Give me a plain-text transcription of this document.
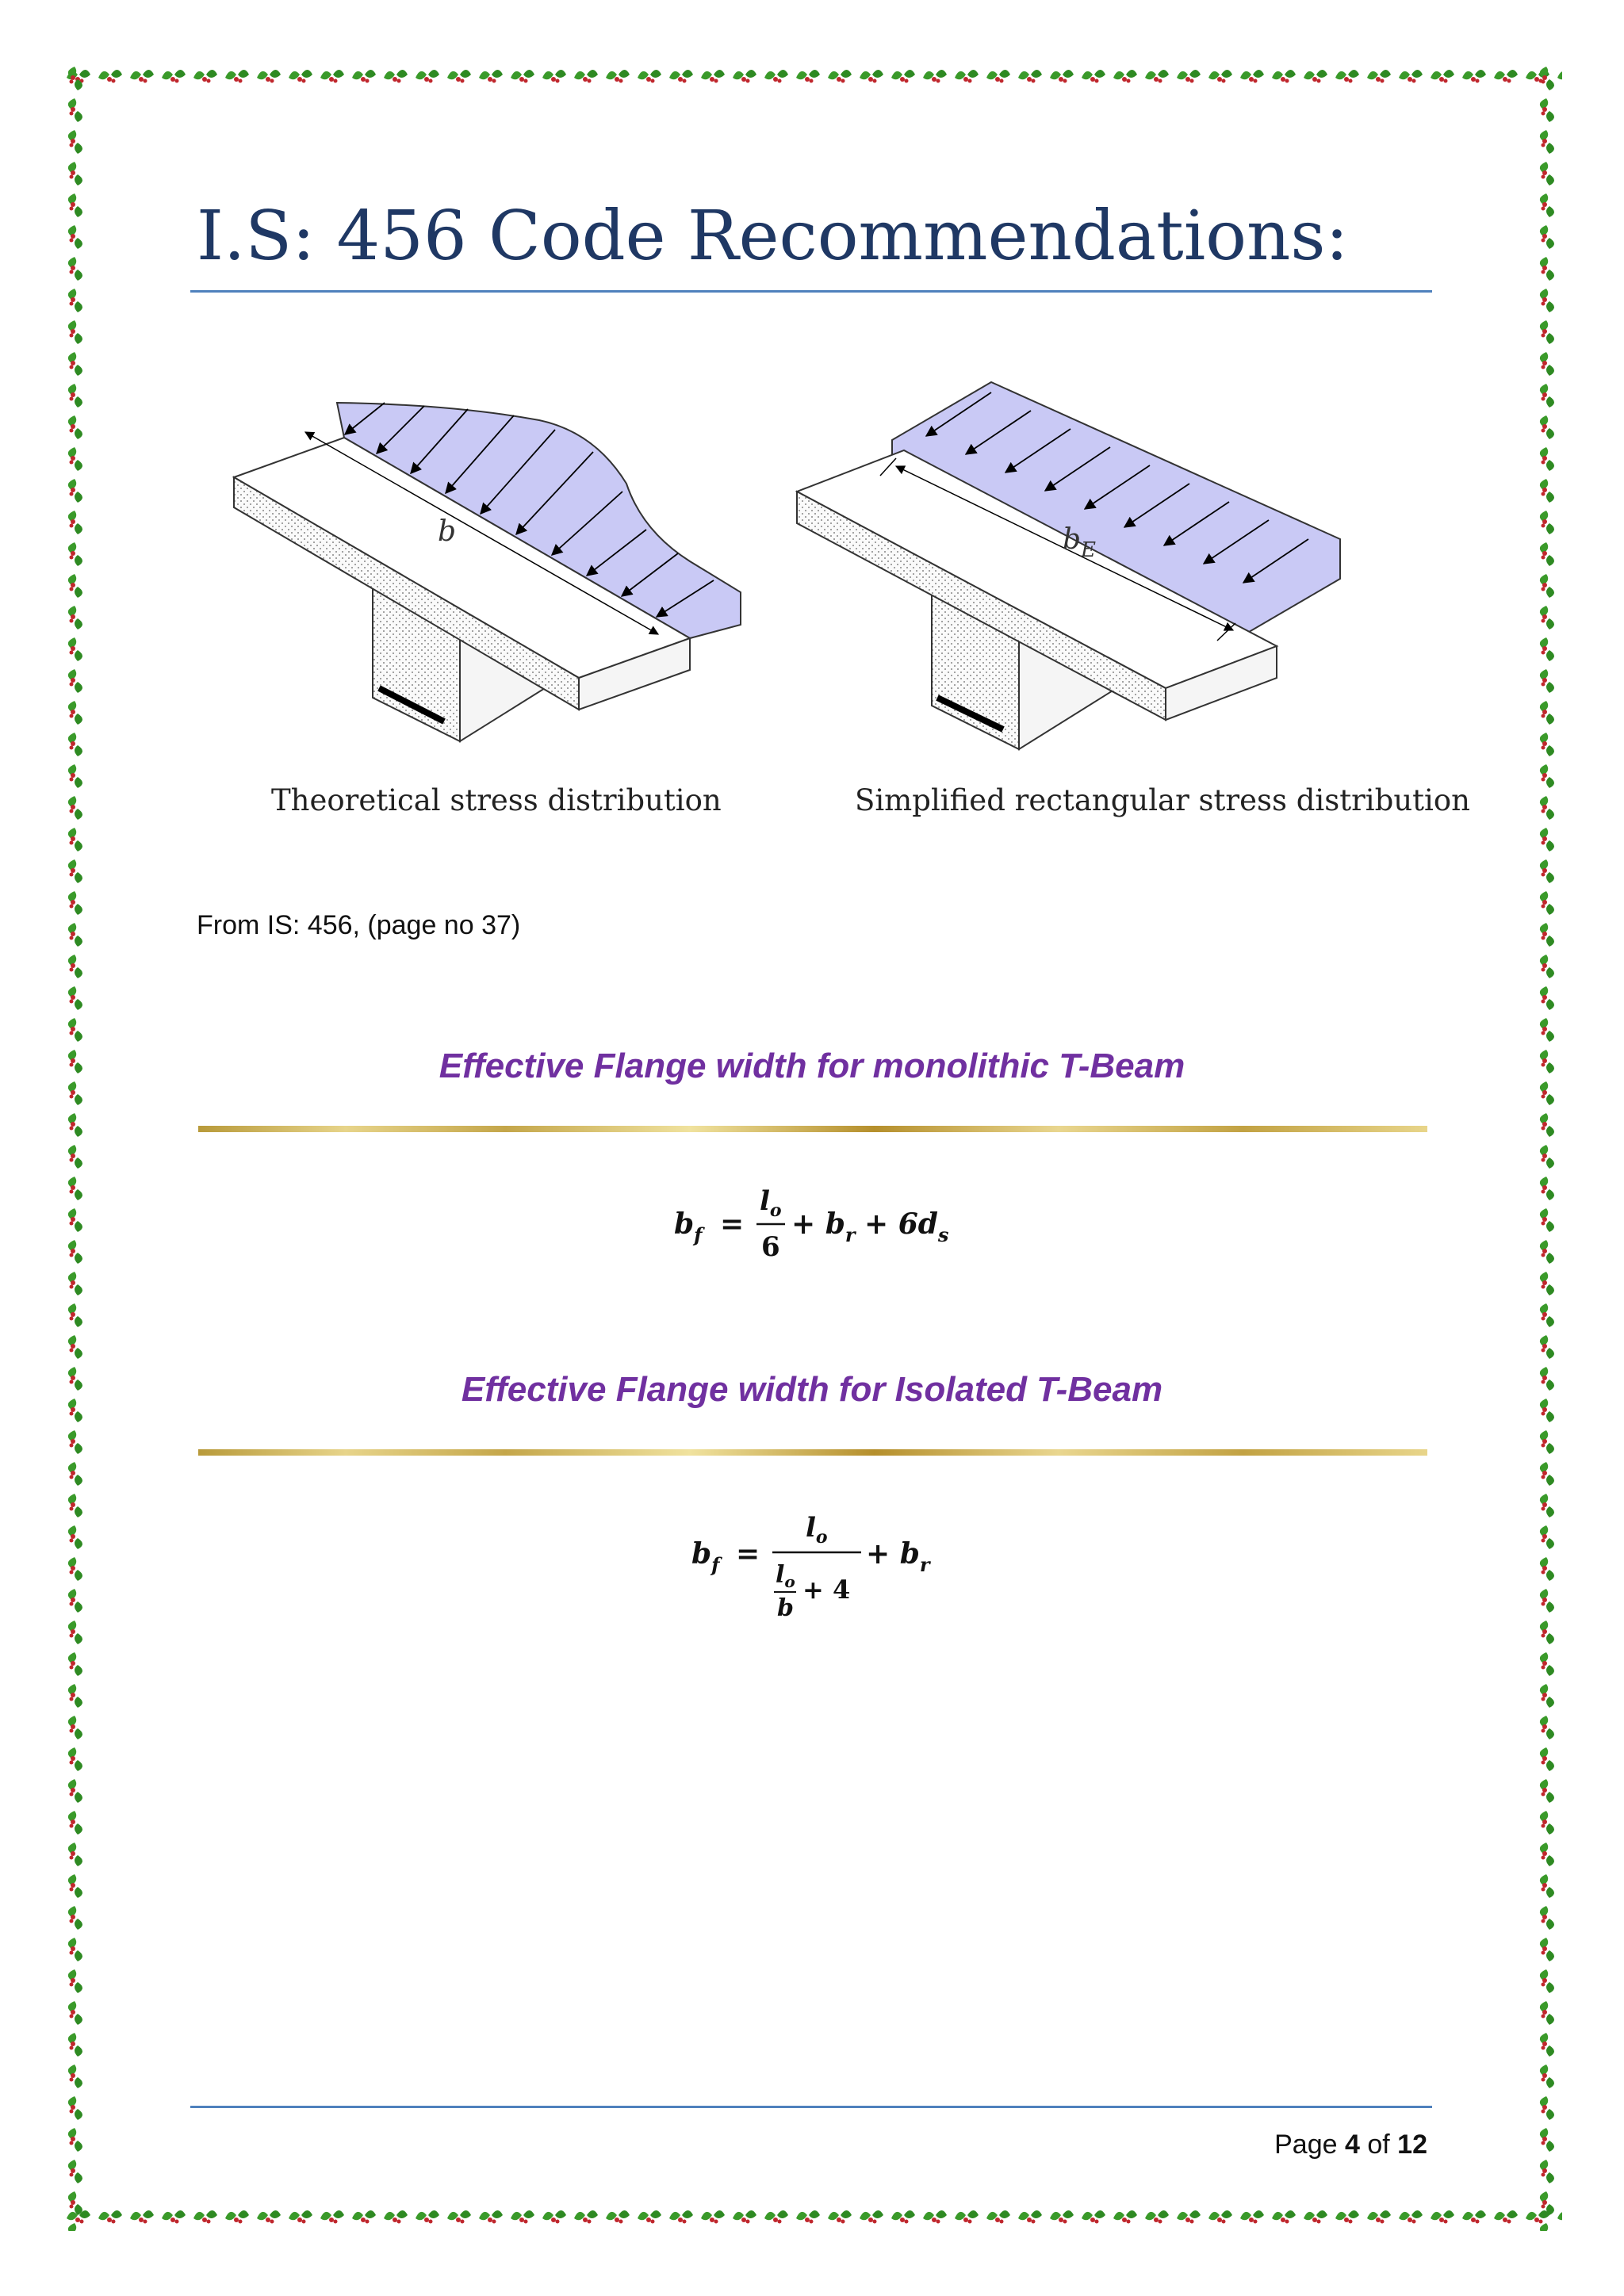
I.S: 456 Code Recommendations:
b	$b_E$
Theoretical stress distribution	Simplified rectangular stress distribution
From IS: 456, (page no 37)
Effective Flange width for monolithic T-Beam
$b_f$ =
$l_o$
6
+ $b_r + 6d_s$
Effective Flange width for Isolated T-Beam
$b_f$ =
$l_o$
$l_o$
b
+ 4
+ $b_r$
Page 4 of 12
